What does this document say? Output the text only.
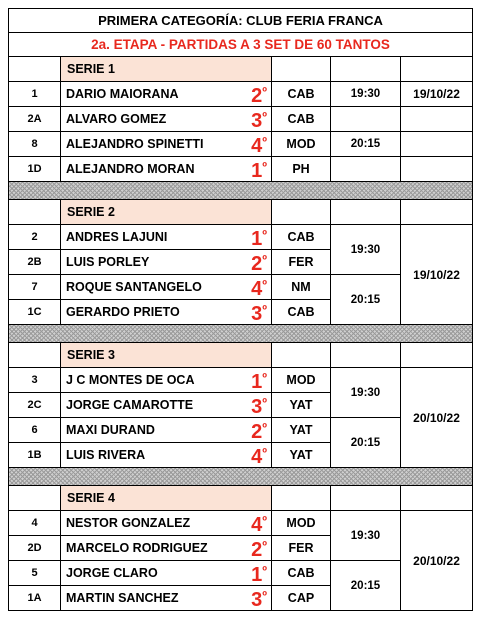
PRIMERA CATEGORÍA: CLUB FERIA FRANCA					
2a. ETAPA - PARTIDAS A 3 SET DE 60 TANTOS					
	SERIE 1				
1	DARIO MAIORANA	$2^º$	CAB	19:30	19/10/22
2A	ALVARO GOMEZ	$3^º$	CAB		
8	ALEJANDRO SPINETTI	$4^º$	MOD	20:15	
1D	ALEJANDRO MORAN	$1^º$	PH		

	SERIE 2				
2	ANDRES LAJUNI	$1^º$	CAB	19:30	19/10/22
2B	LUIS PORLEY	$2^º$	FER		
7	ROQUE SANTANGELO	$4^º$	NM	20:15	
1C	GERARDO PRIETO	$3^º$	CAB		

	SERIE 3				
3	J C MONTES DE OCA	$1^º$	MOD	19:30	20/10/22
2C	JORGE CAMAROTTE	$3^º$	YAT		
6	MAXI DURAND	$2^º$	YAT	20:15	
1B	LUIS RIVERA	$4^º$	YAT		

	SERIE 4				
4	NESTOR GONZALEZ	$4^º$	MOD	19:30	20/10/22
2D	MARCELO RODRIGUEZ	$2^º$	FER		
5	JORGE CLARO	$1^º$	CAB	20:15	
1A	MARTIN SANCHEZ	$3^º$	CAP		
